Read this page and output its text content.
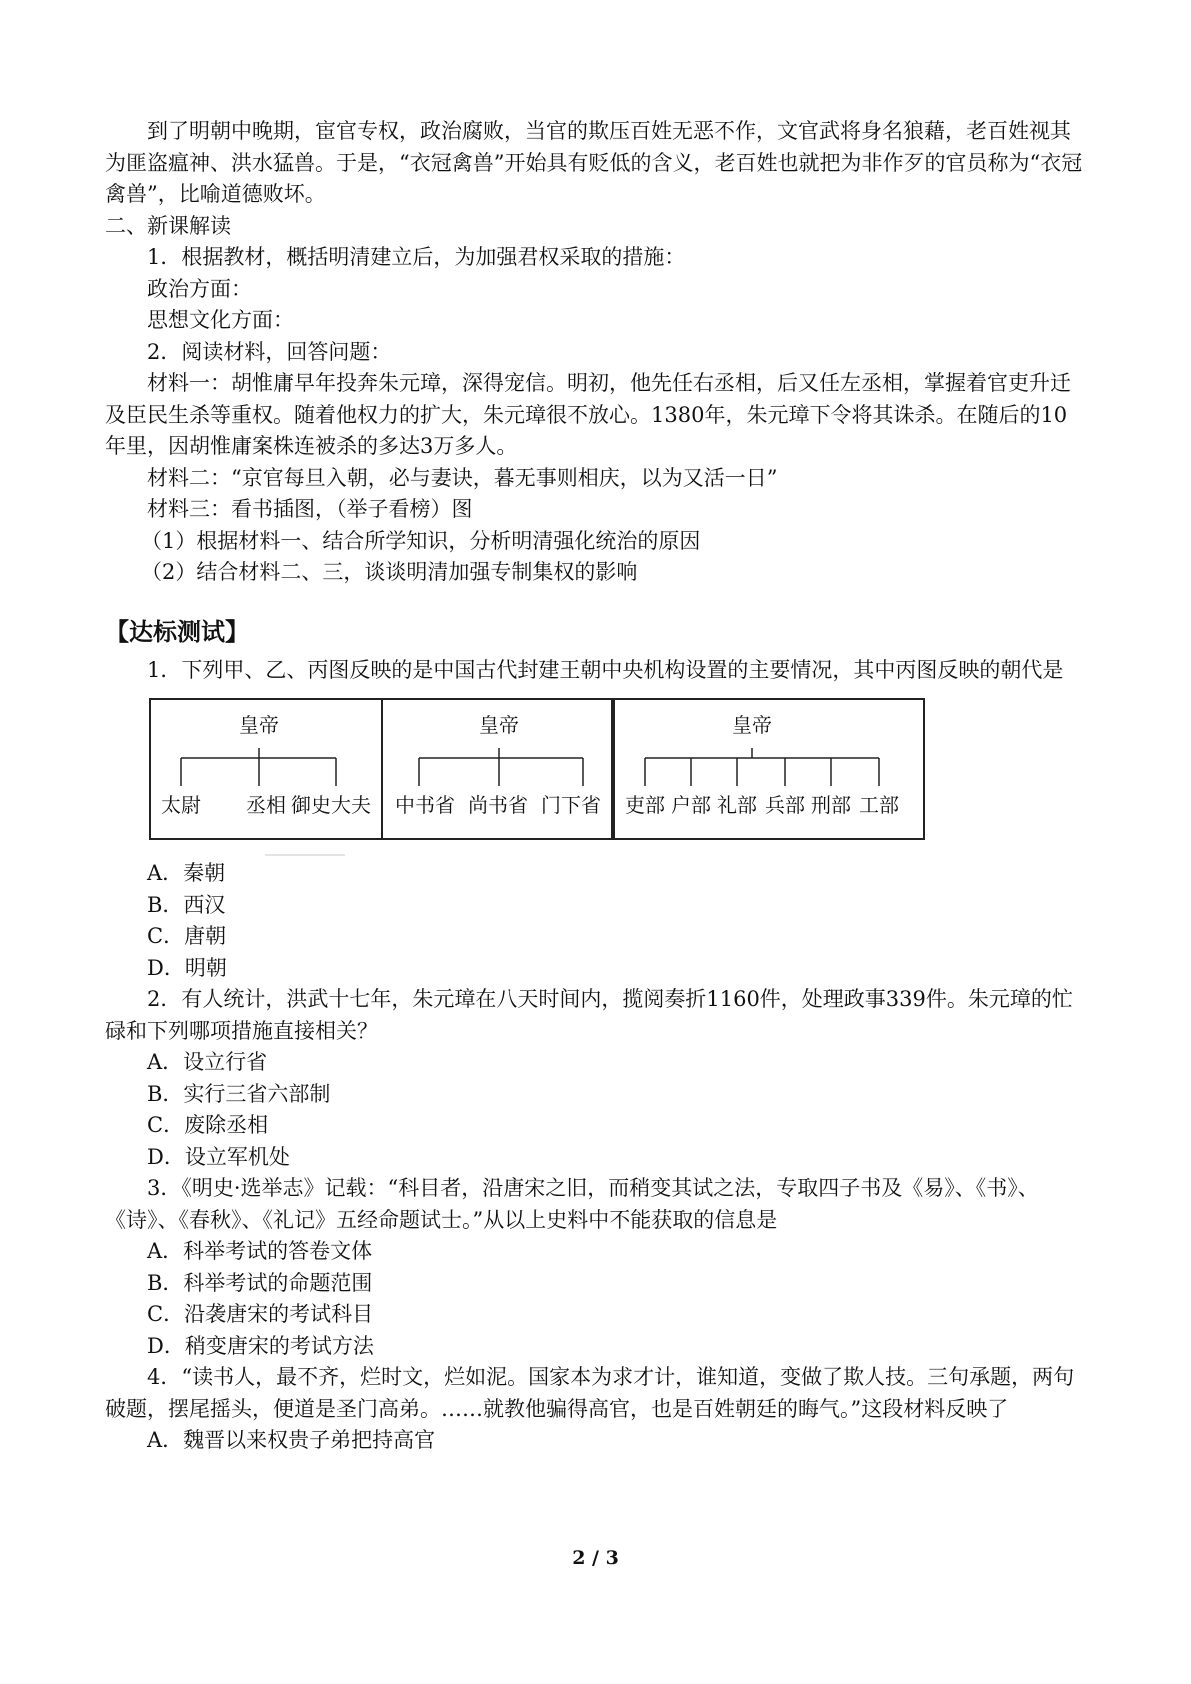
到了明朝中晚期，宦官专权，政治腐败，当官的欺压百姓无恶不作，文官武将身名狼藉，老百姓视其为匪盗瘟神、洪水猛兽。于是，“衣冠禽兽”开始具有贬低的含义，老百姓也就把为非作歹的官员称为“衣冠禽兽”，比喻道德败坏。

二、新课解读

1．根据教材，概括明清建立后，为加强君权采取的措施：

政治方面：

思想文化方面：

2．阅读材料，回答问题：

材料一：胡惟庸早年投奔朱元璋，深得宠信。明初，他先任右丞相，后又任左丞相，掌握着官吏升迁及臣民生杀等重权。随着他权力的扩大，朱元璋很不放心。1380年，朱元璋下令将其诛杀。在随后的10年里，因胡惟庸案株连被杀的多达3万多人。

材料二：“京官每旦入朝，必与妻诀，暮无事则相庆，以为又活一日”

材料三：看书插图，（举子看榜）图

（1）根据材料一、结合所学知识，分析明清强化统治的原因

（2）结合材料二、三，谈谈明清加强专制集权的影响

【达标测试】

1．下列甲、乙、丙图反映的是中国古代封建王朝中央机构设置的主要情况，其中丙图反映的朝代是

皇帝
太尉 丞相 御史大夫
皇帝
中书省 尚书省 门下省
皇帝
吏部 户部 礼部 兵部 刑部 工部

A．秦朝

B．西汉

C．唐朝

D．明朝

2．有人统计，洪武十七年，朱元璋在八天时间内，揽阅奏折1160件，处理政事339件。朱元璋的忙碌和下列哪项措施直接相关？

A．设立行省

B．实行三省六部制

C．废除丞相

D．设立军机处

3．《明史·选举志》记载：“科目者，沿唐宋之旧，而稍变其试之法，专取四子书及《易》、《书》、《诗》、《春秋》、《礼记》五经命题试士。”从以上史料中不能获取的信息是

A．科举考试的答卷文体

B．科举考试的命题范围

C．沿袭唐宋的考试科目

D．稍变唐宋的考试方法

4．“读书人，最不齐，烂时文，烂如泥。国家本为求才计，谁知道，变做了欺人技。三句承题，两句破题，摆尾摇头，便道是圣门高弟。……就教他骗得高官，也是百姓朝廷的晦气。”这段材料反映了

A．魏晋以来权贵子弟把持高官

2 / 3
